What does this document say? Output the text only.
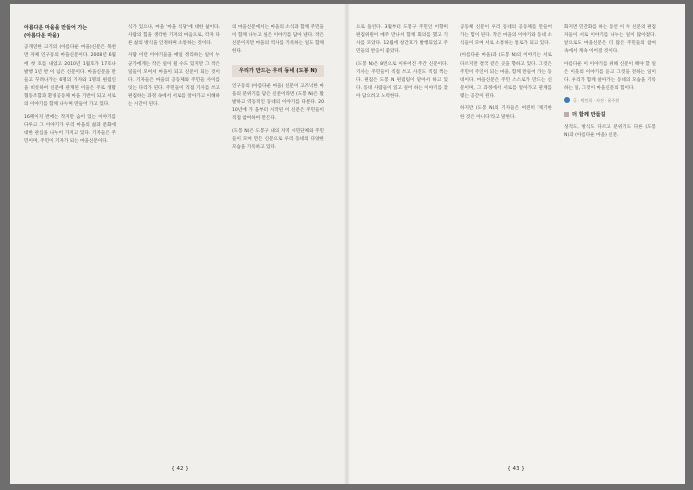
아름다운 마을을 만들어 가는
(아름다운 마을)
공개연한 크기의 (아름다운 마을)신문은 목천면 자체 인구동의 마을신문이다. 2008년 6월에 첫 호를 내었고 2010년 1월호가 17호나 발행 1년 반 이 넘은 신문이다. 마을신문을 만들고 꾸려나가는 6명의 기자와 1명의 편집인을 비롯하여 신문에 관계된 이들은 주로 생활협동조합과 환경공동체 마을 기반이 되고 서로의 이야기를 함께 나누며 만들어 가고 있다.
16페이지 반에는 작지만 숨어 있는 이야기를 다루고 그 이야기가 우리 마을의 삶과 문화에 대한 관심을 나누어 가지고 있다. 기자들은 주민이며, 주민이 기자가 되는 마을신문이다.
식가 있으나, 마을 '마을 식당'에 대한 삶이다. 사람의 힘을 생각한 기자의 마음으로, 각자 다른 삶의 방식을 인정하며 소통하는 것이다.
사람 이런 이야기들을 매일 정리하는 일이 누군가에게는 작은 일이 될 수도 있지만 그 작은 일들이 모여서 마을이 되고 신문이 되는 것이다. 기자들은 마을의 공동체와 주민들 사이를 잇는 다리가 된다. 주민들이 직접 기사를 쓰고 편집하는 과정 속에서 서로를 알아가고 이해하는 시간이 된다.
의 마을신문에서는 마을의 소식과 함께 주민들이 함께 나누고 싶은 이야기를 담아 낸다. 작은 신문이지만 마을의 역사를 기록하는 일도 함께한다.
우리가 만드는 우리 동네 (도봉 N)
인구동의 (아름다운 마을) 신문이 고즈넉한 마을의 분위기를 담은 신문이라면 (도봉 N)은 활발하고 역동적인 동네의 이야기를 다룬다. 2010년에 가 을부터 시작된 이 신문은 주민들이 직접 참여하여 만든다.
(도봉 N)은 도봉구 내의 지역 시민단체와 주민들이 모여 만든 신문으로 우리 동네의 다양한 모습을 기록하고 있다.
{ 42 }
으로 돌린다. 3월부터 도봉구 주민인 이향미 편집위원이 매주 만나서 함께 회의를 했고 기사를 모았다. 12월에 창간호가 발행되었고 주민들의 반응이 좋았다.
(도봉 N)은 8면으로 이루어진 주간 신문이다. 기사는 주민들이 직접 쓰고 사진도 직접 찍는다. 편집은 도봉 N 편집팀이 맡아서 하고 있다. 동네 사람들이 읽고 싶어 하는 이야기를 찾아 담으려고 노력한다.
공동체 신문이 우리 동네의 공동체를 만들어 가는 힘이 된다. 작은 마을의 이야기와 동네 소식들이 모여 서로 소통하는 통로가 되고 있다.
(아름다운 마을)과 (도봉 N)의 이야기는 서로 다르지만 결국 같은 곳을 향하고 있다. 그것은 주민이 주인이 되는 마을, 함께 만들어 가는 동네이다. 마을신문은 주민 스스로가 만드는 신문이며, 그 과정에서 서로를 알아가고 관계를 맺는 공간이 된다.
하지만 (도봉 N)의 기자들은 여전히 '제기한 한 것은 아니다'라고 말한다.
화지면 민간화를 하는 동안 이 두 신문의 편집자들이 서로 이야기를 나누는 일이 많아졌다. 앞으로도 마을신문은 더 많은 주민들의 참여 속에서 계속 이어질 것이다.
아름다운 이 이야기를 위해 신문이 해야 할 일은 이웃의 이야기를 듣고 그것을 전하는 일이다. 우리가 함께 살아가는 동네의 모습을 기록하는 일, 그것이 마을신문의 힘이다.
글 · 박인희 · 사진 · 윤주원
더 함께 만들길
성격도, 방식도 다르고 분위기도 다른 (도봉 N)과 (아름다운 마을) 신문.
{ 43 }
